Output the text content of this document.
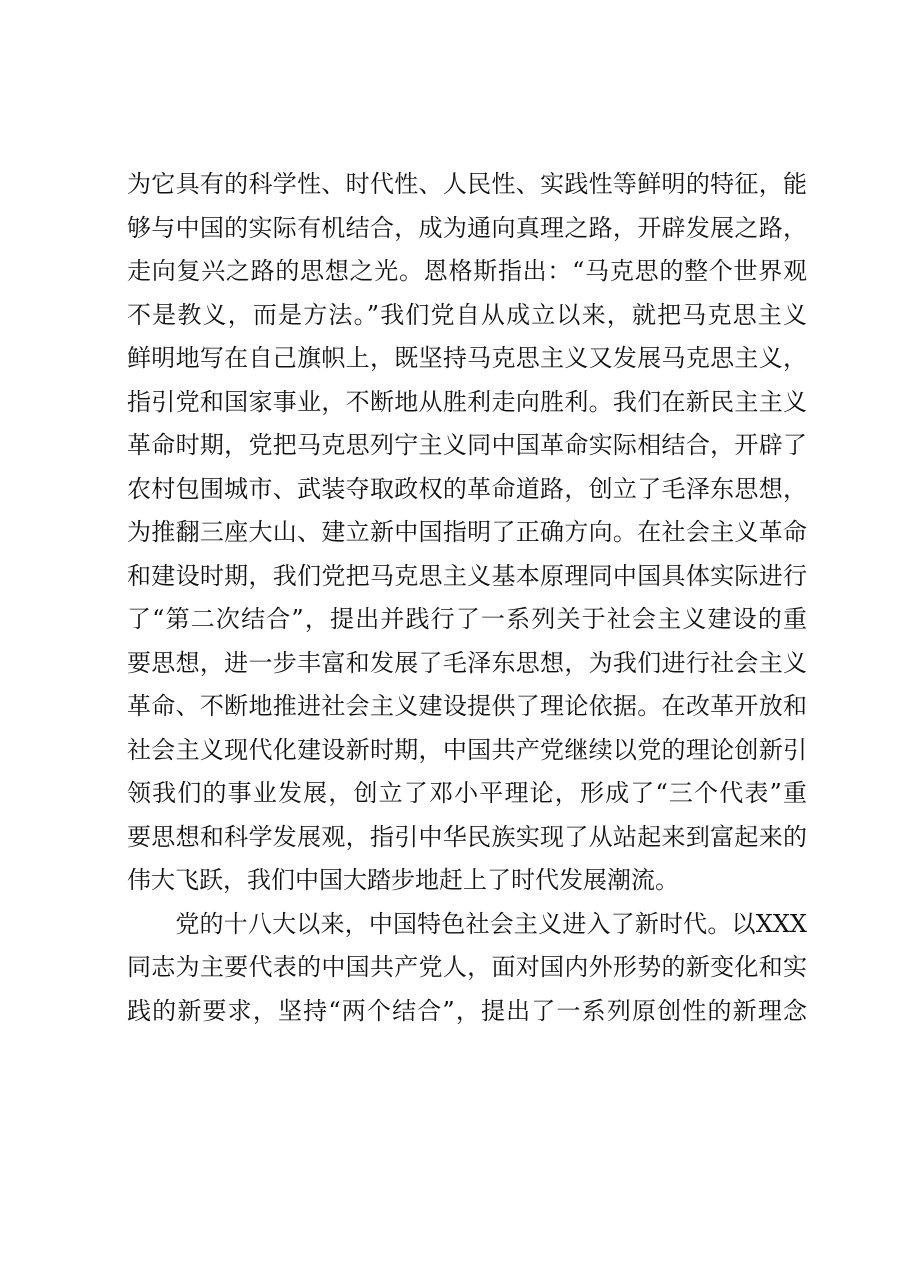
为它具有的科学性、时代性、人民性、实践性等鲜明的特征，能
够与中国的实际有机结合，成为通向真理之路，开辟发展之路，
走向复兴之路的思想之光。恩格斯指出：“马克思的整个世界观
不是教义，而是方法。”我们党自从成立以来，就把马克思主义
鲜明地写在自己旗帜上，既坚持马克思主义又发展马克思主义，
指引党和国家事业，不断地从胜利走向胜利。我们在新民主主义
革命时期，党把马克思列宁主义同中国革命实际相结合，开辟了
农村包围城市、武装夺取政权的革命道路，创立了毛泽东思想，
为推翻三座大山、建立新中国指明了正确方向。在社会主义革命
和建设时期，我们党把马克思主义基本原理同中国具体实际进行
了“第二次结合”，提出并践行了一系列关于社会主义建设的重
要思想，进一步丰富和发展了毛泽东思想，为我们进行社会主义
革命、不断地推进社会主义建设提供了理论依据。在改革开放和
社会主义现代化建设新时期，中国共产党继续以党的理论创新引
领我们的事业发展，创立了邓小平理论，形成了“三个代表”重
要思想和科学发展观，指引中华民族实现了从站起来到富起来的
伟大飞跃，我们中国大踏步地赶上了时代发展潮流。
　　党的十八大以来，中国特色社会主义进入了新时代。以XXX
同志为主要代表的中国共产党人，面对国内外形势的新变化和实
践的新要求，坚持“两个结合”，提出了一系列原创性的新理念
